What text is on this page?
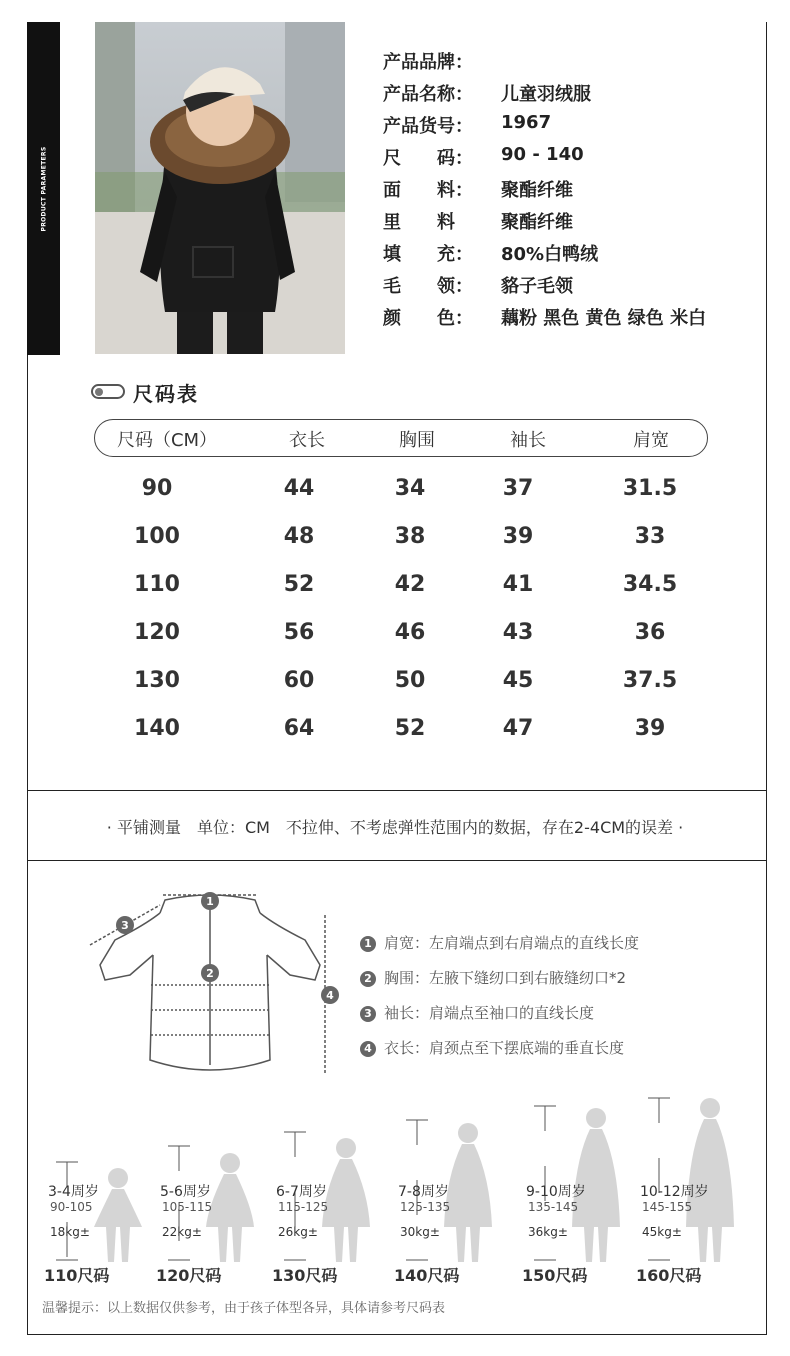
PRODUCT PARAMETERS
产品品牌：
产品名称：	儿童羽绒服
产品货号：	1967
尺　　码：	90 - 140
面　　料：	聚酯纤维
里　　料	聚酯纤维
填　　充：	80%白鸭绒
毛　　领：	貉子毛领
颜　　色：	藕粉 黑色 黄色 绿色 米白
尺码表
尺码（CM）	衣长	胸围	袖长	肩宽
90	44	34	37	31.5
100	48	38	39	33
110	52	42	41	34.5
120	56	46	43	36
130	60	50	45	37.5
140	64	52	47	39
· 平铺测量　单位：CM　不拉伸、不考虑弹性范围内的数据，存在2-4CM的误差 ·
1
2
3
4
1 肩宽：左肩端点到右肩端点的直线长度
2 胸围：左腋下缝纫口到右腋缝纫口*2
3 袖长：肩端点至袖口的直线长度
4 衣长：肩颈点至下摆底端的垂直长度
3-4周岁
90-105
18kg±
110尺码
5-6周岁
105-115
22kg±
120尺码
6-7周岁
115-125
26kg±
130尺码
7-8周岁
125-135
30kg±
140尺码
9-10周岁
135-145
36kg±
150尺码
10-12周岁
145-155
45kg±
160尺码
温馨提示：以上数据仅供参考，由于孩子体型各异，具体请参考尺码表
